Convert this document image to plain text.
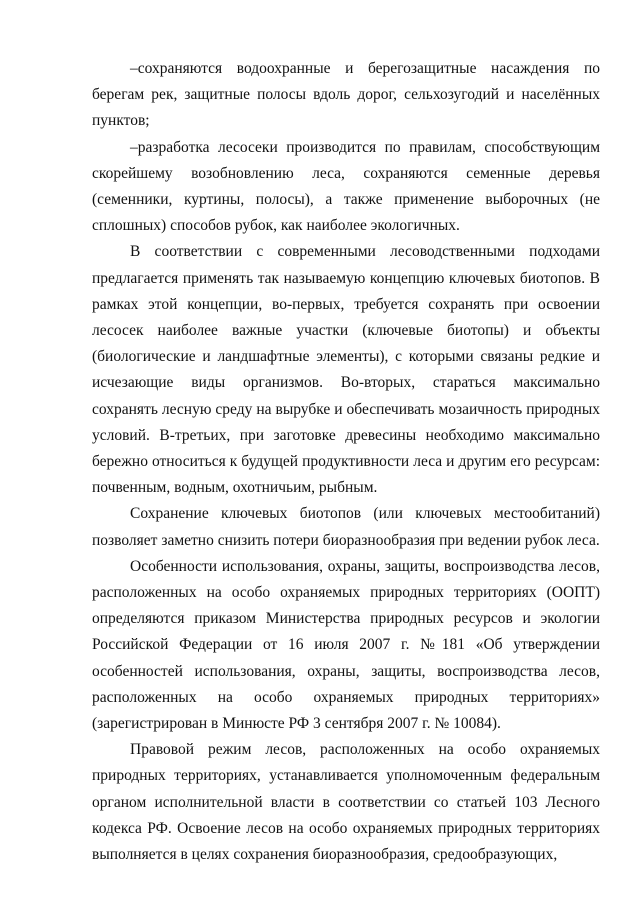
–сохраняются водоохранные и берегозащитные насаждения по берегам рек, защитные полосы вдоль дорог, сельхозугодий и населённых пунктов;

–разработка лесосеки производится по правилам, способствующим скорейшему возобновлению леса, сохраняются семенные деревья (семенники, куртины, полосы), а также применение выборочных (не сплошных) способов рубок, как наиболее экологичных.

В соответствии с современными лесоводственными подходами предлагается применять так называемую концепцию ключевых биотопов. В рамках этой концепции, во-первых, требуется сохранять при освоении лесосек наиболее важные участки (ключевые биотопы) и объекты (биологические и ландшафтные элементы), с которыми связаны редкие и исчезающие виды организмов. Во-вторых, стараться максимально сохранять лесную среду на вырубке и обеспечивать мозаичность природных условий. В-третьих, при заготовке древесины необходимо максимально бережно относиться к будущей продуктивности леса и другим его ресурсам: почвенным, водным, охотничьим, рыбным.

Сохранение ключевых биотопов (или ключевых местообитаний) позволяет заметно снизить потери биоразнообразия при ведении рубок леса.

Особенности использования, охраны, защиты, воспроизводства лесов, расположенных на особо охраняемых природных территориях (ООПТ) определяются приказом Министерства природных ресурсов и экологии Российской Федерации от 16 июля 2007 г. №181 «Об утверждении особенностей использования, охраны, защиты, воспроизводства лесов, расположенных на особо охраняемых природных территориях» (зарегистрирован в Минюсте РФ 3 сентября 2007 г. № 10084).

Правовой режим лесов, расположенных на особо охраняемых природных территориях, устанавливается уполномоченным федеральным органом исполнительной власти в соответствии со статьей 103 Лесного кодекса РФ. Освоение лесов на особо охраняемых природных территориях выполняется в целях сохранения биоразнообразия, средообразующих,
